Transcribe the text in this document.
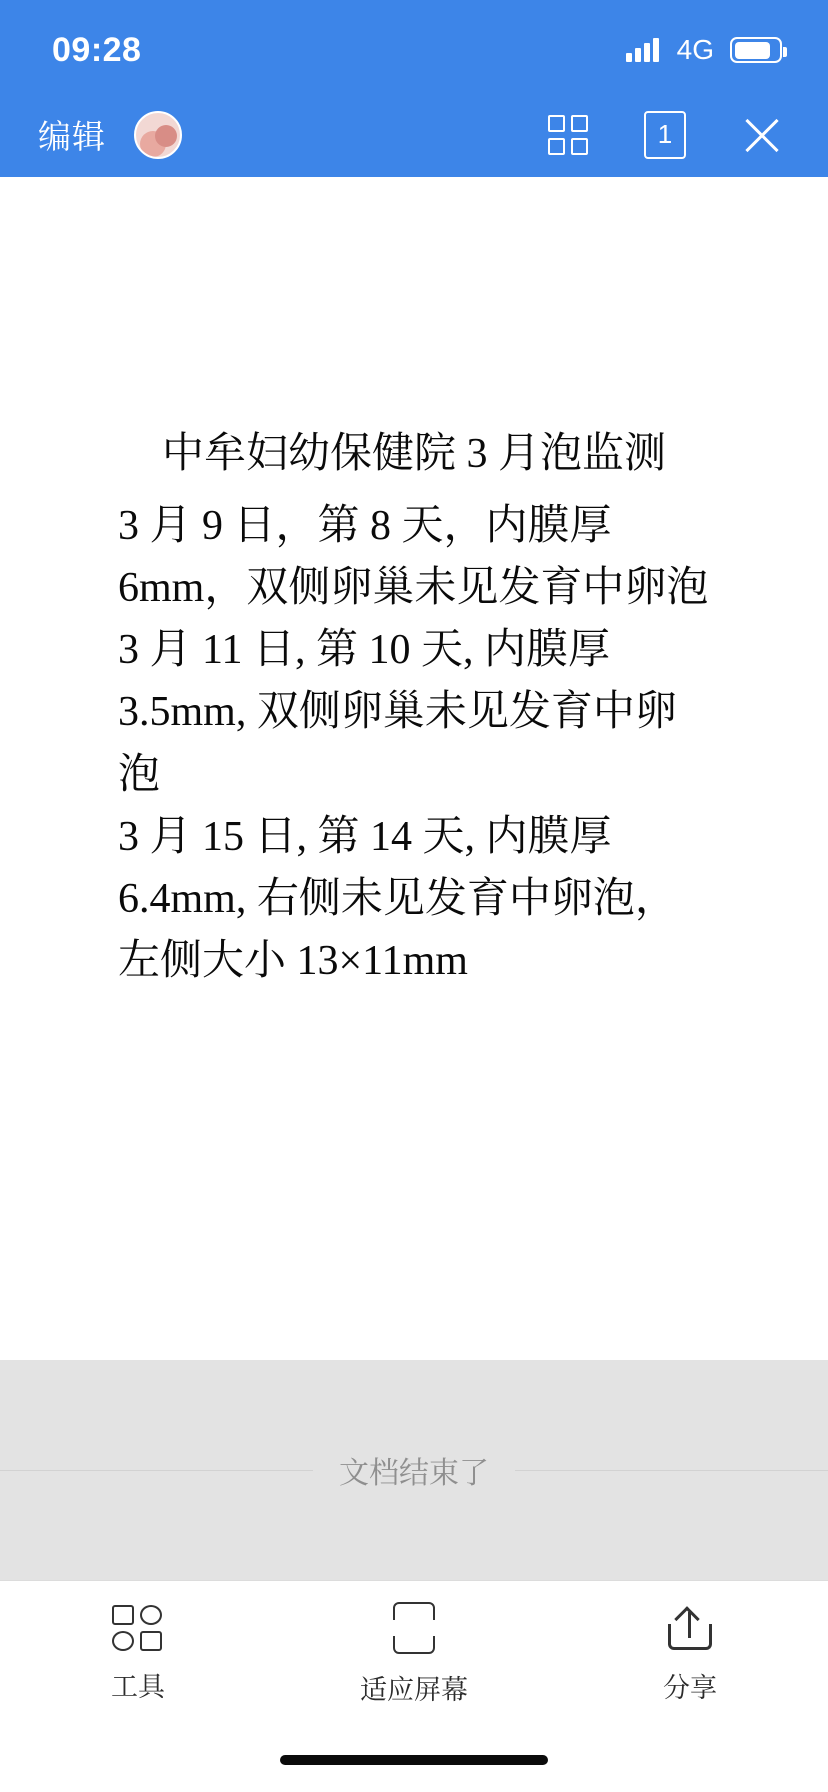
09:28	4G
编辑	1
中牟妇幼保健院 3 月泡监测

3 月 9 日，第 8 天，内膜厚 6mm，双侧卵巢未见发育中卵泡

3 月 11 日, 第 10 天, 内膜厚 3.5mm, 双侧卵巢未见发育中卵泡

3 月 15 日, 第 14 天, 内膜厚 6.4mm, 右侧未见发育中卵泡，左侧大小 13×11mm

文档结束了
工具	适应屏幕	分享
